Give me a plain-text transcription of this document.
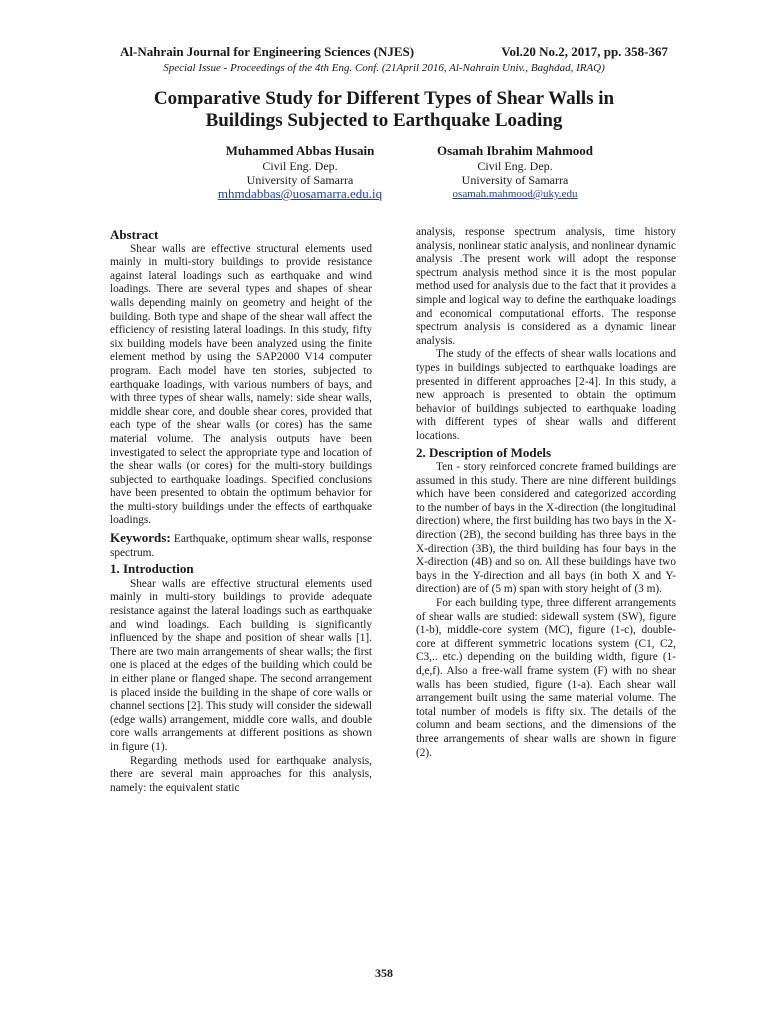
Al-Nahrain Journal for Engineering Sciences (NJES)	Vol.20 No.2, 2017, pp. 358-367
Special Issue - Proceedings of the 4th Eng. Conf. (21April 2016, Al-Nahrain Univ., Baghdad, IRAQ)
Comparative Study for Different Types of Shear Walls in
Buildings Subjected to Earthquake Loading
Muhammed Abbas Husain
Civil Eng. Dep.
University of Samarra
mhmdabbas@uosamarra.edu.iq
Osamah Ibrahim Mahmood
Civil Eng. Dep.
University of Samarra
osamah.mahmood@uky.edu
Abstract

Shear walls are effective structural elements used mainly in multi-story buildings to provide resistance against lateral loadings such as earthquake and wind loadings. There are several types and shapes of shear walls depending mainly on geometry and height of the building. Both type and shape of the shear wall affect the efficiency of resisting lateral loadings. In this study, fifty six building models have been analyzed using the finite element method by using the SAP2000 V14 computer program. Each model have ten stories, subjected to earthquake loadings, with various numbers of bays, and with three types of shear walls, namely: side shear walls, middle shear core, and double shear cores, provided that each type of the shear walls (or cores) has the same material volume. The analysis outputs have been investigated to select the appropriate type and location of the shear walls (or cores) for the multi-story buildings subjected to earthquake loadings. Specified conclusions have been presented to obtain the optimum behavior for the multi-story buildings under the effects of earthquake loadings.

Keywords: Earthquake, optimum shear walls, response spectrum.
1. Introduction

Shear walls are effective structural elements used mainly in multi-story buildings to provide adequate resistance against the lateral loadings such as earthquake and wind loadings. Each building is significantly influenced by the shape and position of shear walls [1]. There are two main arrangements of shear walls; the first one is placed at the edges of the building which could be in either plane or flanged shape. The second arrangement is placed inside the building in the shape of core walls or channel sections [2]. This study will consider the sidewall (edge walls) arrangement, middle core walls, and double core walls arrangements at different positions as shown in figure (1).

Regarding methods used for earthquake analysis, there are several main approaches for this analysis, namely: the equivalent static

analysis, response spectrum analysis, time history analysis, nonlinear static analysis, and nonlinear dynamic analysis .The present work will adopt the response spectrum analysis method since it is the most popular method used for analysis due to the fact that it provides a simple and logical way to define the earthquake loadings and economical computational efforts. The response spectrum analysis is considered as a dynamic linear analysis.

The study of the effects of shear walls locations and types in buildings subjected to earthquake loadings are presented in different approaches [2-4]. In this study, a new approach is presented to obtain the optimum behavior of buildings subjected to earthquake loading with different types of shear walls and different locations.

2. Description of Models

Ten - story reinforced concrete framed buildings are assumed in this study. There are nine different buildings which have been considered and categorized according to the number of bays in the X-direction (the longitudinal direction) where, the first building has two bays in the X-direction (2B), the second building has three bays in the X-direction (3B), the third building has four bays in the X-direction (4B) and so on. All these buildings have two bays in the Y-direction and all bays (in both X and Y-direction) are of (5 m) span with story height of (3 m).

For each building type, three different arrangements of shear walls are studied: sidewall system (SW), figure (1-b), middle-core system (MC), figure (1-c), double-core at different symmetric locations system (C1, C2, C3,.. etc.) depending on the building width, figure (1-d,e,f). Also a free-wall frame system (F) with no shear walls has been studied, figure (1-a). Each shear wall arrangement built using the same material volume. The total number of models is fifty six. The details of the column and beam sections, and the dimensions of the three arrangements of shear walls are shown in figure (2).

358
